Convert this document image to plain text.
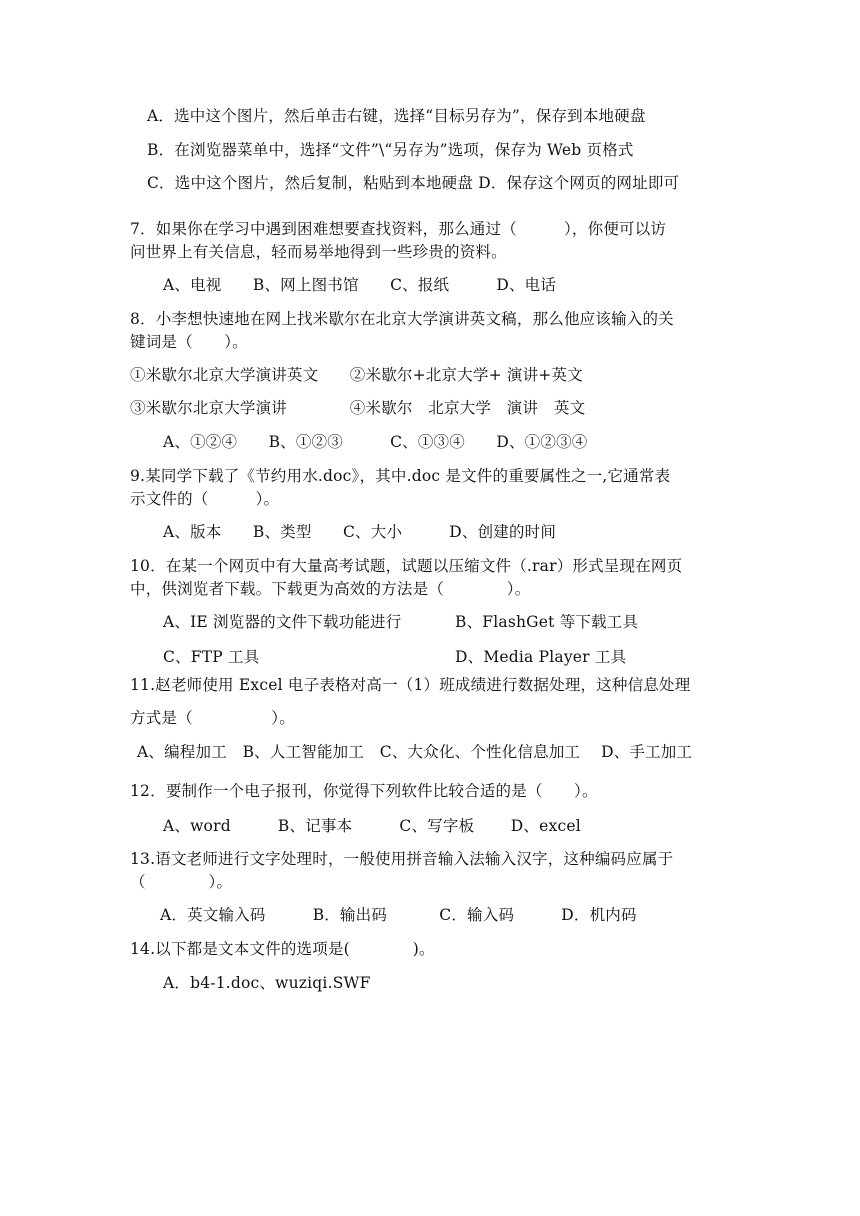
A．选中这个图片，然后单击右键，选择“目标另存为”，保存到本地硬盘
B．在浏览器菜单中，选择“文件”\“另存为”选项，保存为 Web 页格式
C．选中这个图片，然后复制，粘贴到本地硬盘 D．保存这个网页的网址即可
7．如果你在学习中遇到困难想要查找资料，那么通过（　　　），你便可以访
问世界上有关信息，轻而易举地得到一些珍贵的资料。
A、电视　　B、网上图书馆　　C、报纸　　　D、电话
8．小李想快速地在网上找米歇尔在北京大学演讲英文稿，那么他应该输入的关
键词是（　　）。
①米歇尔北京大学演讲英文　　②米歇尔+北京大学+ 演讲+英文
③米歇尔北京大学演讲　　　　④米歇尔　北京大学　演讲　英文
A、①②④　　B、①②③　　　C、①③④　　D、①②③④
9.某同学下载了《节约用水.doc》，其中.doc 是文件的重要属性之一,它通常表
示文件的（　　　）。
A、版本　　B、类型　　C、大小　　　D、创建的时间
10．在某一个网页中有大量高考试题，试题以压缩文件（.rar）形式呈现在网页
中，供浏览者下载。下载更为高效的方法是（　　　　）。
A、IE 浏览器的文件下载功能进行	B、FlashGet 等下载工具
C、FTP 工具	D、Media Player 工具
11.赵老师使用 Excel 电子表格对高一（1）班成绩进行数据处理，这种信息处理
方式是（　　　　　）。
A、编程加工　B、人工智能加工　C、大众化、个性化信息加工　 D、手工加工
12．要制作一个电子报刊，你觉得下列软件比较合适的是（　　）。
A、word　　　B、记事本　　　C、写字板　　 D、excel
13.语文老师进行文字处理时，一般使用拼音输入法输入汉字，这种编码应属于
（　　　　）。
A．英文输入码　　　B．输出码　　　 C．输入码　　　D．机内码
14.以下都是文本文件的选项是(　　　　)。
A．b4-1.doc、wuziqi.SWF
